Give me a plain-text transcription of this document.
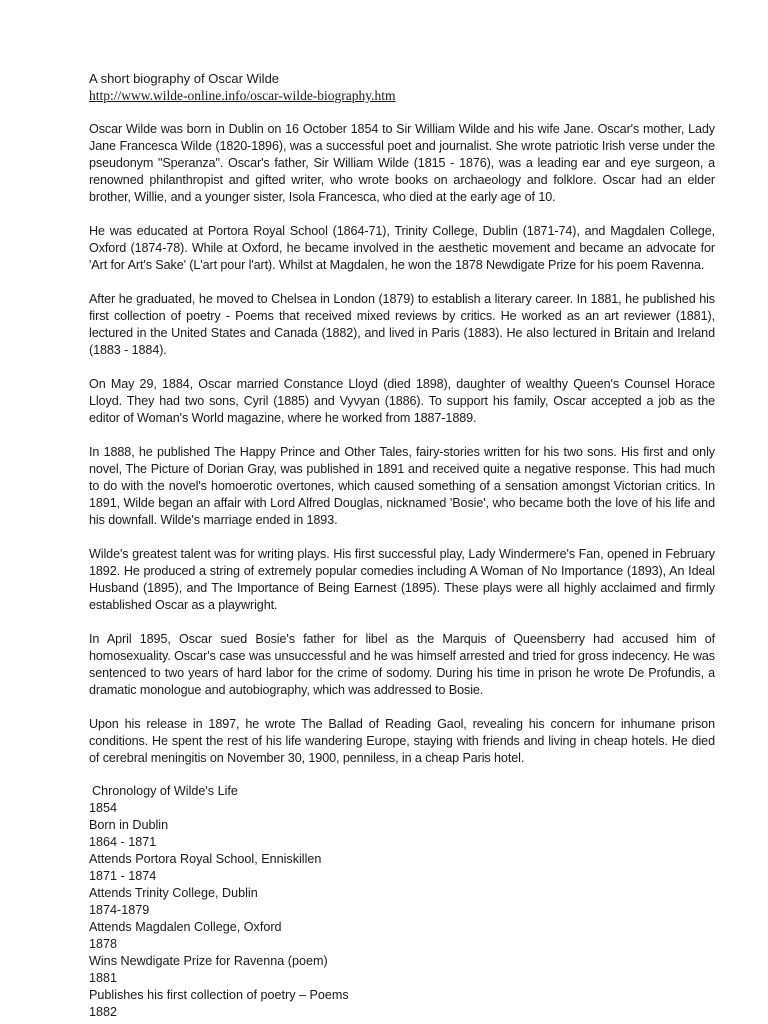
A short biography of Oscar Wilde
http://www.wilde-online.info/oscar-wilde-biography.htm

Oscar Wilde was born in Dublin on 16 October 1854 to Sir William Wilde and his wife Jane. Oscar's mother, Lady Jane Francesca Wilde (1820-1896), was a successful poet and journalist. She wrote patriotic Irish verse under the pseudonym "Speranza". Oscar's father, Sir William Wilde (1815 - 1876), was a leading ear and eye surgeon, a renowned philanthropist and gifted writer, who wrote books on archaeology and folklore. Oscar had an elder brother, Willie, and a younger sister, Isola Francesca, who died at the early age of 10.

He was educated at Portora Royal School (1864-71), Trinity College, Dublin (1871-74), and Magdalen College, Oxford (1874-78). While at Oxford, he became involved in the aesthetic movement and became an advocate for 'Art for Art's Sake' (L'art pour l'art). Whilst at Magdalen, he won the 1878 Newdigate Prize for his poem Ravenna.

After he graduated, he moved to Chelsea in London (1879) to establish a literary career. In 1881, he published his first collection of poetry - Poems that received mixed reviews by critics. He worked as an art reviewer (1881), lectured in the United States and Canada (1882), and lived in Paris (1883). He also lectured in Britain and Ireland (1883 - 1884).

On May 29, 1884, Oscar married Constance Lloyd (died 1898), daughter of wealthy Queen's Counsel Horace Lloyd. They had two sons, Cyril (1885) and Vyvyan (1886). To support his family, Oscar accepted a job as the editor of Woman's World magazine, where he worked from 1887-1889.

In 1888, he published The Happy Prince and Other Tales, fairy-stories written for his two sons. His first and only novel, The Picture of Dorian Gray, was published in 1891 and received quite a negative response. This had much to do with the novel's homoerotic overtones, which caused something of a sensation amongst Victorian critics. In 1891, Wilde began an affair with Lord Alfred Douglas, nicknamed 'Bosie', who became both the love of his life and his downfall. Wilde's marriage ended in 1893.

Wilde's greatest talent was for writing plays. His first successful play, Lady Windermere's Fan, opened in February 1892. He produced a string of extremely popular comedies including A Woman of No Importance (1893), An Ideal Husband (1895), and The Importance of Being Earnest (1895). These plays were all highly acclaimed and firmly established Oscar as a playwright.

In April 1895, Oscar sued Bosie's father for libel as the Marquis of Queensberry had accused him of homosexuality. Oscar's case was unsuccessful and he was himself arrested and tried for gross indecency. He was sentenced to two years of hard labor for the crime of sodomy. During his time in prison he wrote De Profundis, a dramatic monologue and autobiography, which was addressed to Bosie.

Upon his release in 1897, he wrote The Ballad of Reading Gaol, revealing his concern for inhumane prison conditions. He spent the rest of his life wandering Europe, staying with friends and living in cheap hotels. He died of cerebral meningitis on November 30, 1900, penniless, in a cheap Paris hotel.

Chronology of Wilde's Life
1854
Born in Dublin
1864 - 1871
Attends Portora Royal School, Enniskillen
1871 - 1874
Attends Trinity College, Dublin
1874-1879
Attends Magdalen College, Oxford
1878
Wins Newdigate Prize for Ravenna (poem)
1881
Publishes his first collection of poetry – Poems
1882
